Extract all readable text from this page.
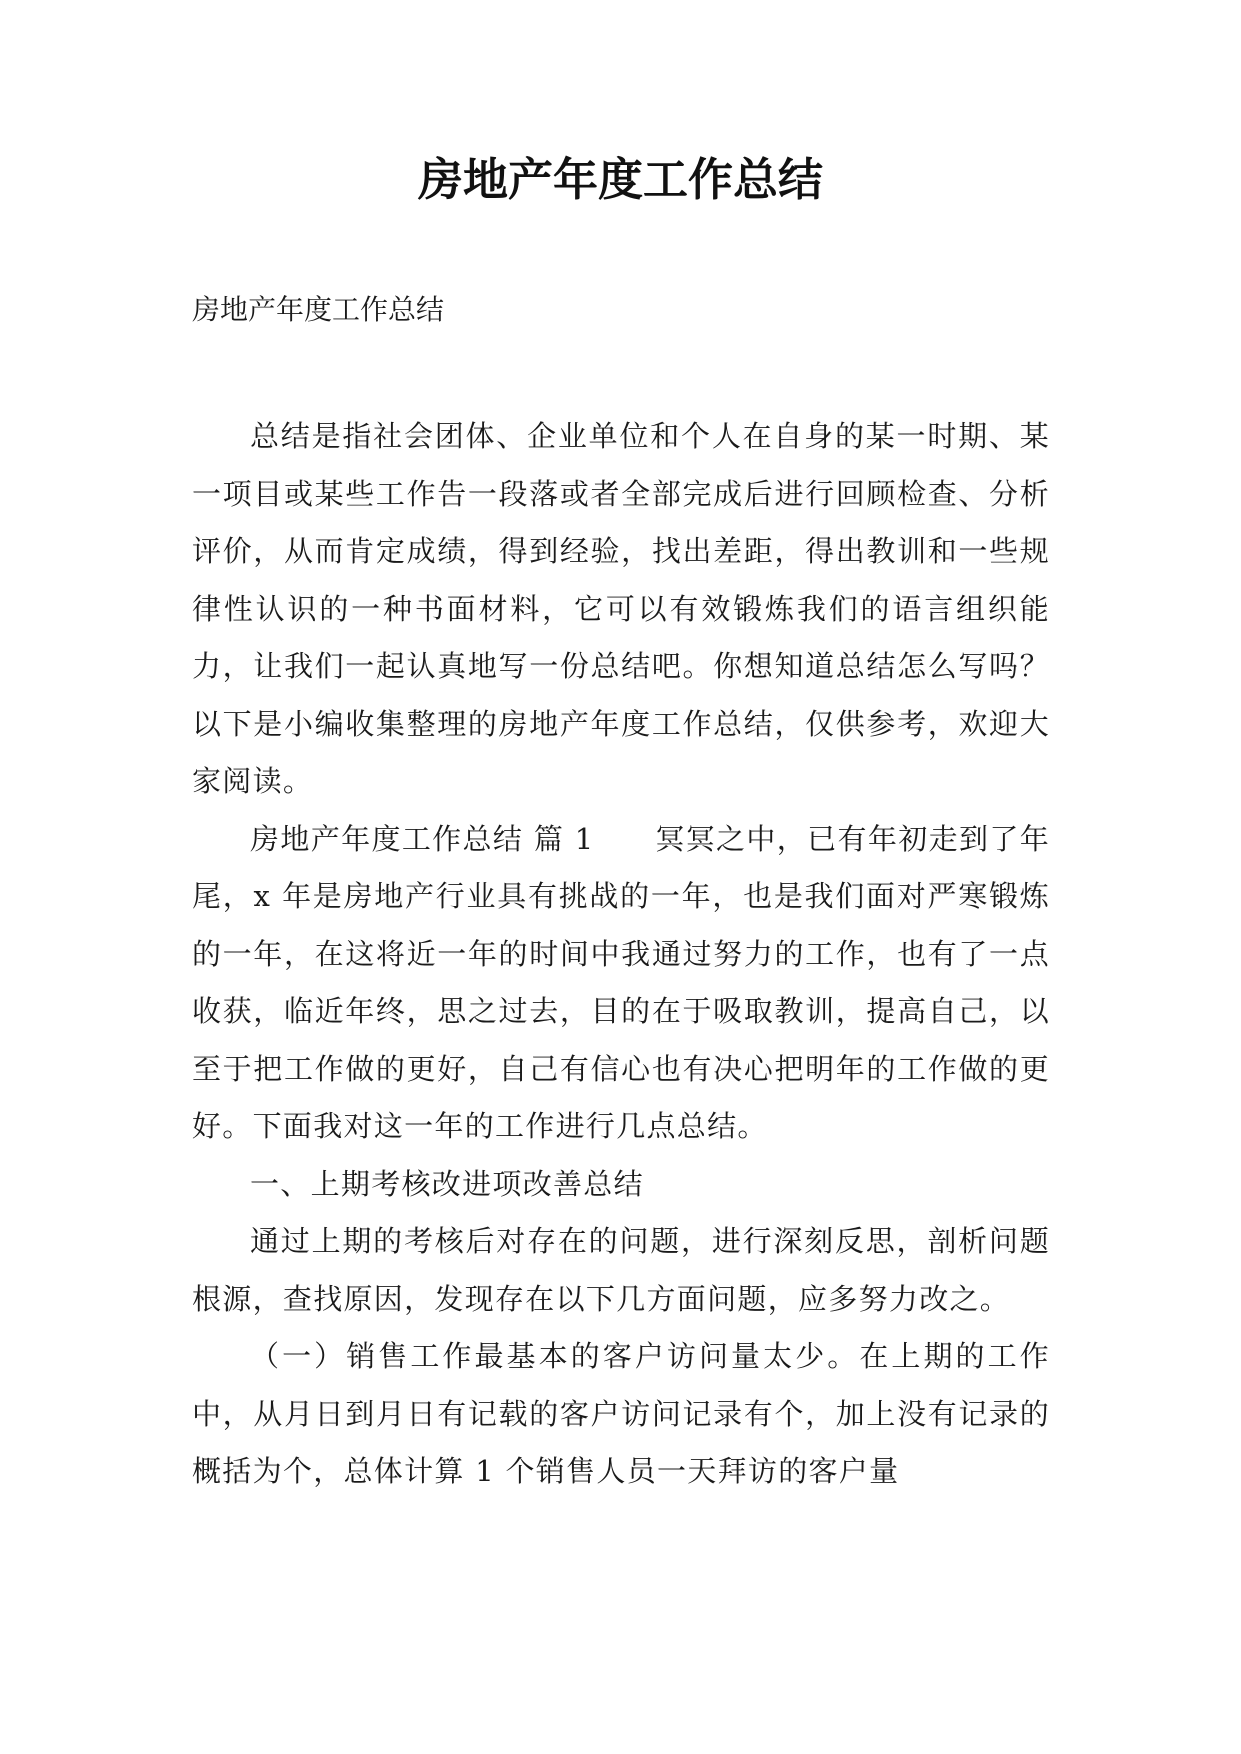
房地产年度工作总结

房地产年度工作总结

总结是指社会团体、企业单位和个人在自身的某一时期、某一项目或某些工作告一段落或者全部完成后进行回顾检查、分析评价，从而肯定成绩，得到经验，找出差距，得出教训和一些规律性认识的一种书面材料，它可以有效锻炼我们的语言组织能力，让我们一起认真地写一份总结吧。你想知道总结怎么写吗？以下是小编收集整理的房地产年度工作总结，仅供参考，欢迎大家阅读。

房地产年度工作总结 篇 1　　冥冥之中，已有年初走到了年尾，x 年是房地产行业具有挑战的一年，也是我们面对严寒锻炼的一年，在这将近一年的时间中我通过努力的工作，也有了一点收获，临近年终，思之过去，目的在于吸取教训，提高自己，以至于把工作做的更好，自己有信心也有决心把明年的工作做的更好。下面我对这一年的工作进行几点总结。

一、上期考核改进项改善总结

通过上期的考核后对存在的问题，进行深刻反思，剖析问题根源，查找原因，发现存在以下几方面问题，应多努力改之。

（一）销售工作最基本的客户访问量太少。在上期的工作中，从月日到月日有记载的客户访问记录有个，加上没有记录的概括为个，总体计算 1 个销售人员一天拜访的客户量
